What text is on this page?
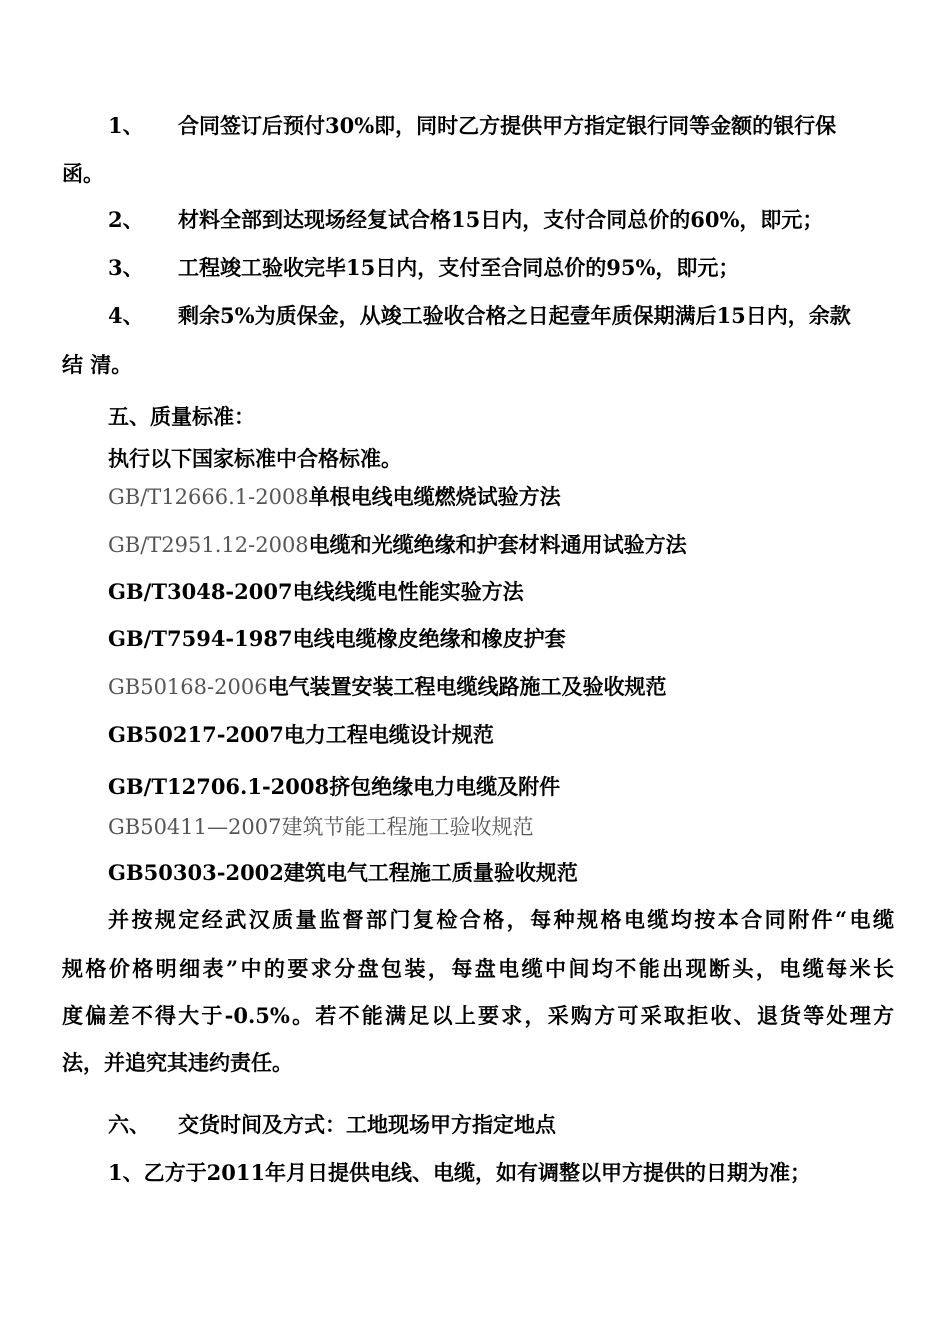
1、 合同签订后预付30%即，同时乙方提供甲方指定银行同等金额的银行保
函。
2、 材料全部到达现场经复试合格15日内，支付合同总价的60%，即元；
3、 工程竣工验收完毕15日内，支付至合同总价的95%，即元；
4、 剩余5%为质保金，从竣工验收合格之日起壹年质保期满后15日内，余款
结 清。
五、质量标准：
执行以下国家标准中合格标准。
GB/T12666.1-2008单根电线电缆燃烧试验方法
GB/T2951.12-2008电缆和光缆绝缘和护套材料通用试验方法
GB/T3048-2007电线线缆电性能实验方法
GB/T7594-1987电线电缆橡皮绝缘和橡皮护套
GB50168-2006电气装置安装工程电缆线路施工及验收规范
GB50217-2007电力工程电缆设计规范
GB/T12706.1-2008挤包绝缘电力电缆及附件
GB50411—2007建筑节能工程施工验收规范
GB50303-2002建筑电气工程施工质量验收规范
并按规定经武汉质量监督部门复检合格，每种规格电缆均按本合同附件“电缆
规格价格明细表”中的要求分盘包装，每盘电缆中间均不能出现断头，电缆每米长
度偏差不得大于-0.5%。若不能满足以上要求，采购方可采取拒收、退货等处理方
法，并追究其违约责任。
六、 交货时间及方式：工地现场甲方指定地点
1、乙方于2011年月日提供电线、电缆，如有调整以甲方提供的日期为准；
